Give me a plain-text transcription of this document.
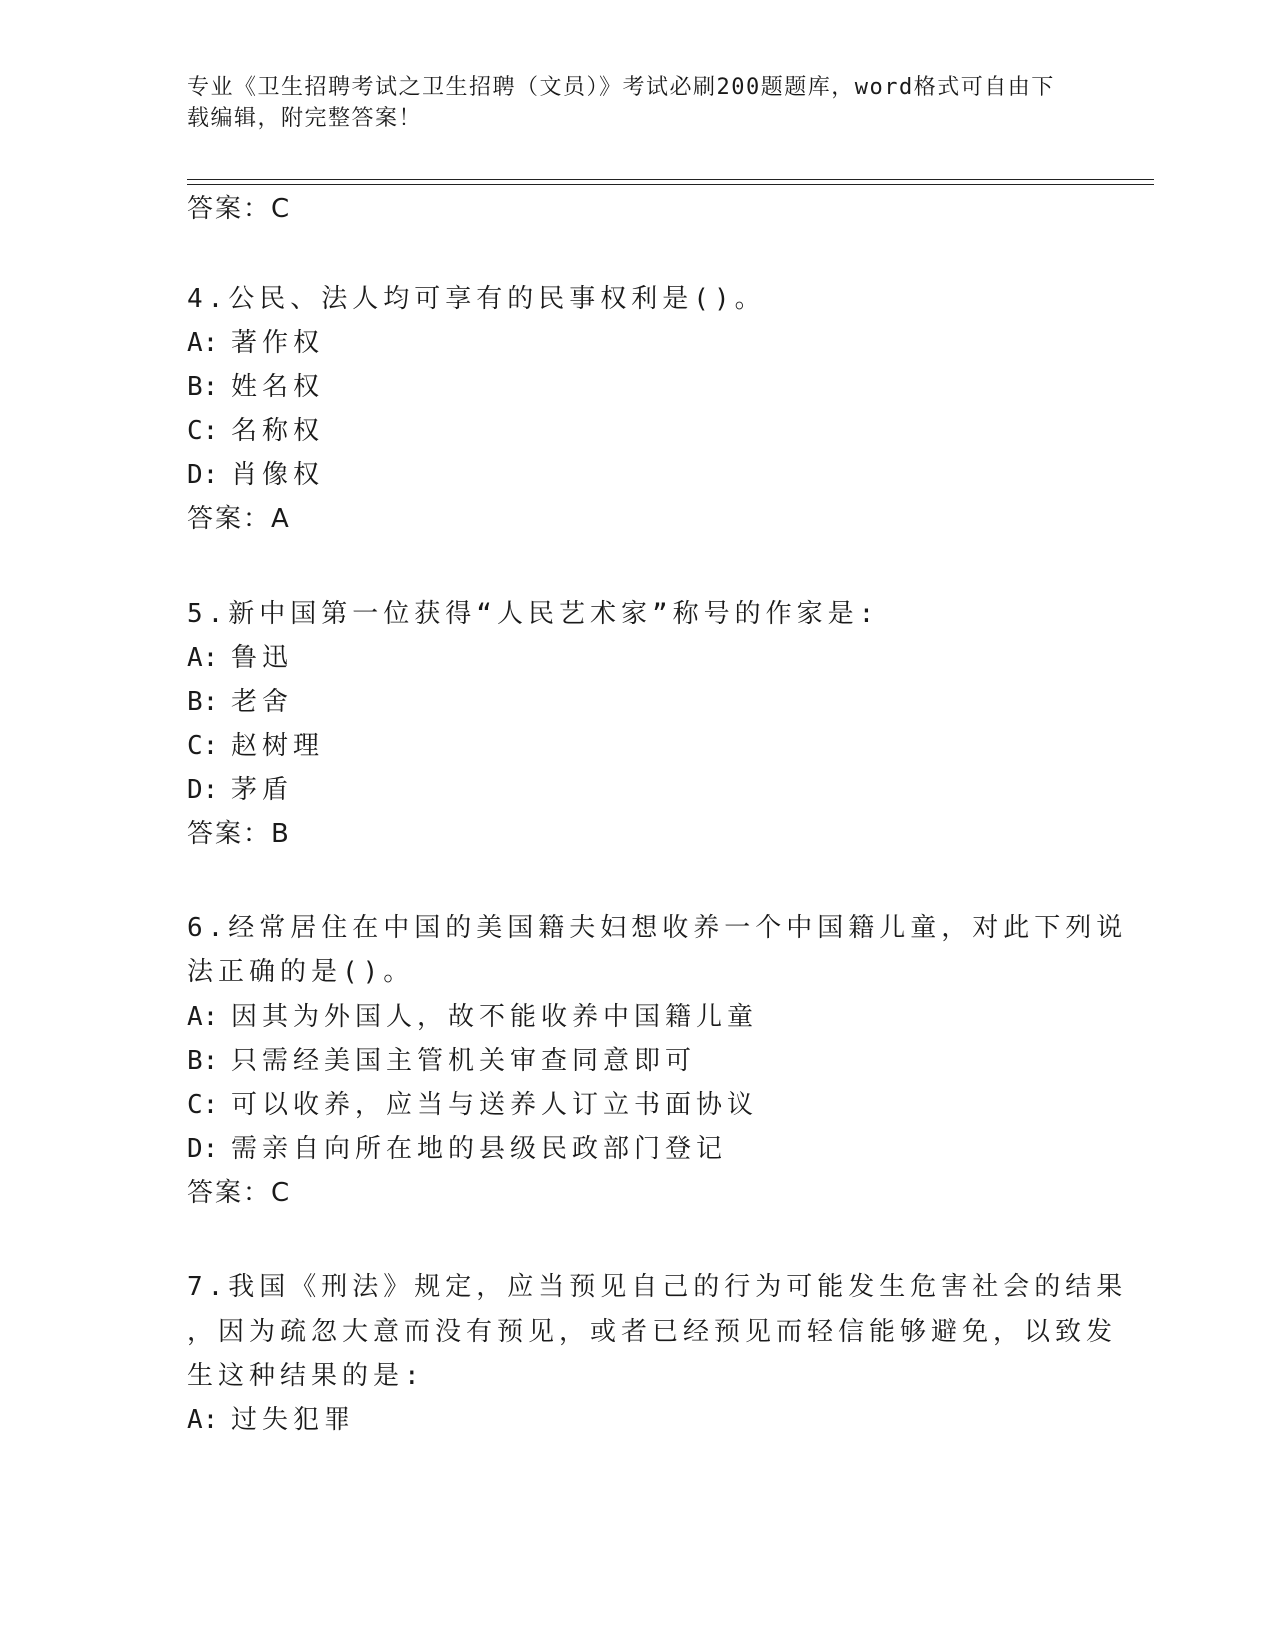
专业《卫生招聘考试之卫生招聘（文员）》考试必刷200题题库，word格式可自由下载编辑，附完整答案！
答案：C
4.公民、法人均可享有的民事权利是()。
A: 著作权
B: 姓名权
C: 名称权
D: 肖像权
答案：A
5.新中国第一位获得“人民艺术家”称号的作家是:
A: 鲁迅
B: 老舍
C: 赵树理
D: 茅盾
答案：B
6.经常居住在中国的美国籍夫妇想收养一个中国籍儿童，对此下列说
法正确的是()。
A: 因其为外国人，故不能收养中国籍儿童
B: 只需经美国主管机关审查同意即可
C: 可以收养，应当与送养人订立书面协议
D: 需亲自向所在地的县级民政部门登记
答案：C
7.我国《刑法》规定，应当预见自己的行为可能发生危害社会的结果
，因为疏忽大意而没有预见，或者已经预见而轻信能够避免，以致发
生这种结果的是:
A: 过失犯罪
